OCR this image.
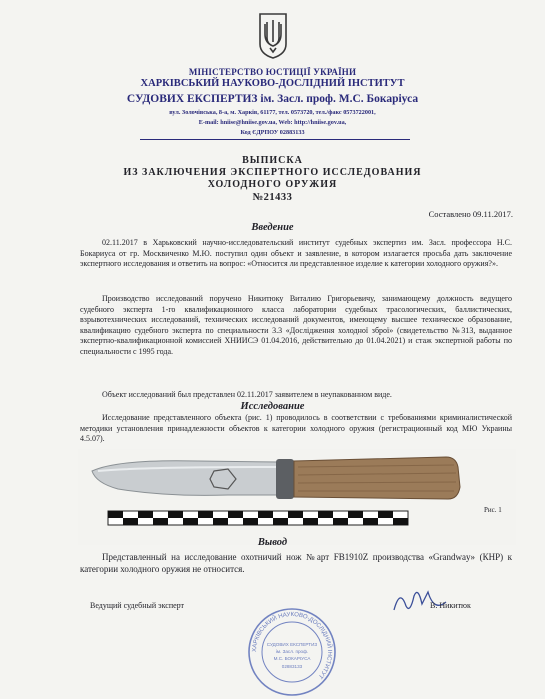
МІНІСТЕРСТВО ЮСТИЦІЇ УКРАЇНИ
ХАРКІВСЬКИЙ НАУКОВО-ДОСЛІДНИЙ ІНСТИТУТ
СУДОВИХ ЕКСПЕРТИЗ ім. Засл. проф. М.С. Бокаріуса
вул. Золочівська, 8-а, м. Харків, 61177, тел. 0573720, тел./факс 0573722001,
E-mail: hniise@hniise.gov.ua, Web: http://hniise.gov.ua,
Код ЄДРПОУ 02883133
ВЫПИСКА
ИЗ ЗАКЛЮЧЕНИЯ ЭКСПЕРТНОГО ИССЛЕДОВАНИЯ
ХОЛОДНОГО ОРУЖИЯ
№21433
Составлено 09.11.2017.
Введение

02.11.2017 в Харьковский научно-исследовательский институт судебных экспертиз им. Засл. профессора Н.С. Бокариуса от гр. Москвиченко М.Ю. поступил один объект и заявление, в котором излагается просьба дать заключение экспертного исследования и ответить на вопрос: «Относится ли представленное изделие к категории холодного оружия?».

Производство исследований поручено Никитюку Виталию Григорьевичу, занимающему должность ведущего судебного эксперта 1-го квалификационного класса лаборатории судебных трасологических, баллистических, взрывотехнических исследований, технических исследований документов, имеющему высшее техническое образование, квалификацию судебного эксперта по специальности 3.3 «Дослідження холодної зброї» (свидетельство №313, выданное экспертно-квалификационной комиссией ХНИИСЭ 01.04.2016, действительно до 01.04.2021) и стаж экспертной работы по специальности с 1995 года.

Объект исследований был представлен 02.11.2017 заявителем в неупакованном виде.

Исследование

Исследование представленного объекта (рис. 1) проводилось в соответствии с требованиями криминалистической методики установления принадлежности объектов к категории холодного оружия (регистрационный код МЮ Украины 4.5.07).

Рис. 1
Вывод

Представленный на исследование охотничий нож №арт FB1910Z производства «Grandway» (КНР) к категории холодного оружия не относится.

Ведущий судебный эксперт	В. Никитюк
ХАРКІВСЬКИЙ НАУКОВО-ДОСЛІДНИЙ ІНСТИТУТ
СУДОВИХ ЕКСПЕРТИЗ
ім. Засл. проф.
М.С. БОКАРІУСА
02883133
